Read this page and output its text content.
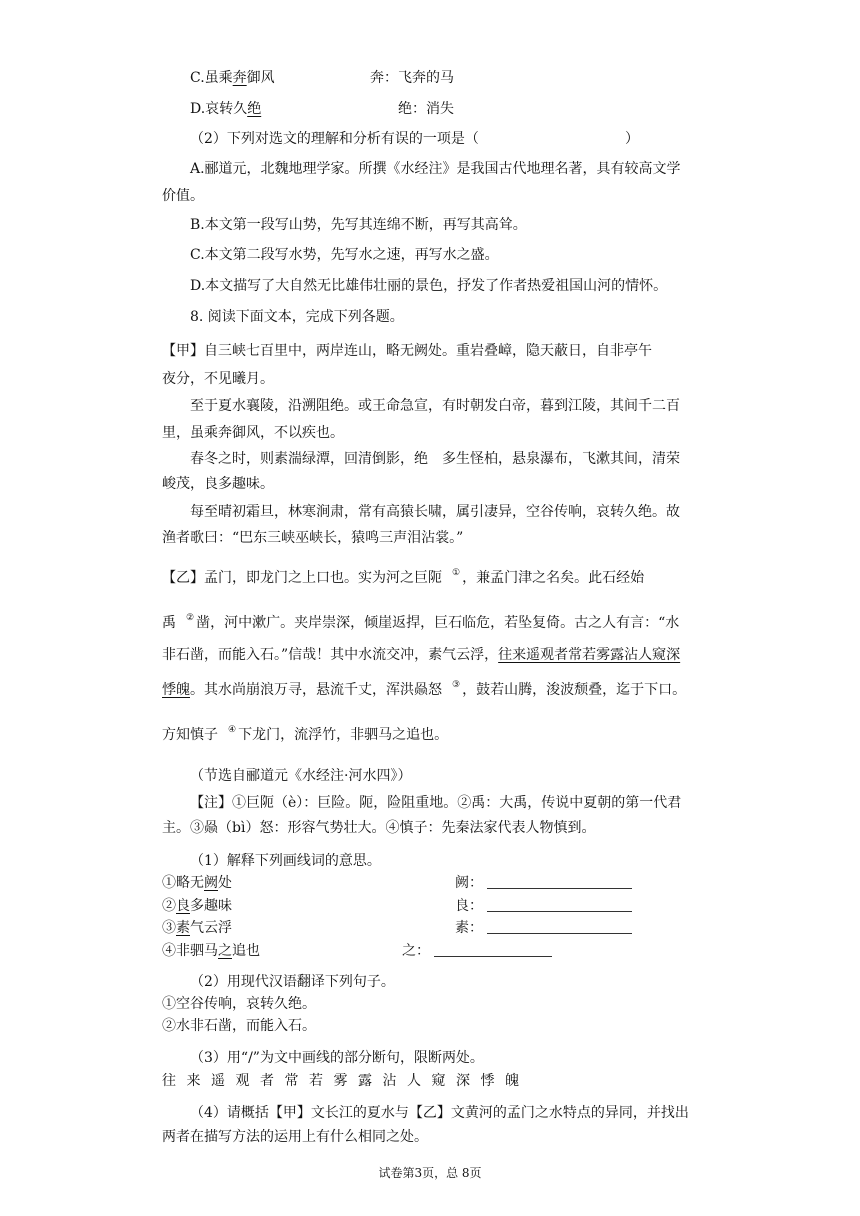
C.虽乘奔御风	奔：飞奔的马
D.哀转久绝	绝：消失
（2）下列对选文的理解和分析有误的一项是（	）
A.郦道元，北魏地理学家。所撰《水经注》是我国古代地理名著，具有较高文学
价值。
B.本文第一段写山势，先写其连绵不断，再写其高耸。
C.本文第二段写水势，先写水之速，再写水之盛。
D.本文描写了大自然无比雄伟壮丽的景色，抒发了作者热爱祖国山河的情怀。
8. 阅读下面文本，完成下列各题。
【甲】自三峡七百里中，两岸连山，略无阙处。重岩叠嶂，隐天蔽日，自非亭午
夜分，不见曦月。
至于夏水襄陵，沿溯阻绝。或王命急宣，有时朝发白帝，暮到江陵，其间千二百
里，虽乘奔御风，不以疾也。
春冬之时，则素湍绿潭，回清倒影，绝　多生怪柏，悬泉瀑布，飞漱其间，清荣
峻茂，良多趣味。
每至晴初霜旦，林寒涧肃，常有高猿长啸，属引凄异，空谷传响，哀转久绝。故
渔者歌曰：“巴东三峡巫峡长，猿鸣三声泪沾裳。”
【乙】孟门，即龙门之上口也。实为河之巨阨 ① ，兼孟门津之名矣。此石经始
禹 ② 凿，河中漱广。夹岸崇深，倾崖返捍，巨石临危，若坠复倚。古之人有言：“水
非石凿，而能入石。”信哉！其中水流交冲，素气云浮，往来遥观者常若雾露沾人窥深
悸魄。其水尚崩浪万寻，悬流千丈，浑洪赑怒 ③ ，鼓若山腾，浚波颓叠，迄于下口。
方知慎子 ④ 下龙门，流浮竹，非驷马之追也。
（节选自郦道元《水经注·河水四》）
【注】①巨阨（è）：巨险。阨，险阻重地。②禹：大禹，传说中夏朝的第一代君
主。③赑（bì）怒：形容气势壮大。④慎子：先秦法家代表人物慎到。
（1）解释下列画线词的意思。
①略无阙处	阙：
②良多趣味	良：
③素气云浮	素：
④非驷马之追也	之：
（2）用现代汉语翻译下列句子。
①空谷传响，哀转久绝。
②水非石凿，而能入石。
（3）用“/”为文中画线的部分断句，限断两处。
往来遥观者常若雾露沾人窥深悸魄
（4）请概括【甲】文长江的夏水与【乙】文黄河的孟门之水特点的异同，并找出
两者在描写方法的运用上有什么相同之处。
试卷第3页，总 8页
